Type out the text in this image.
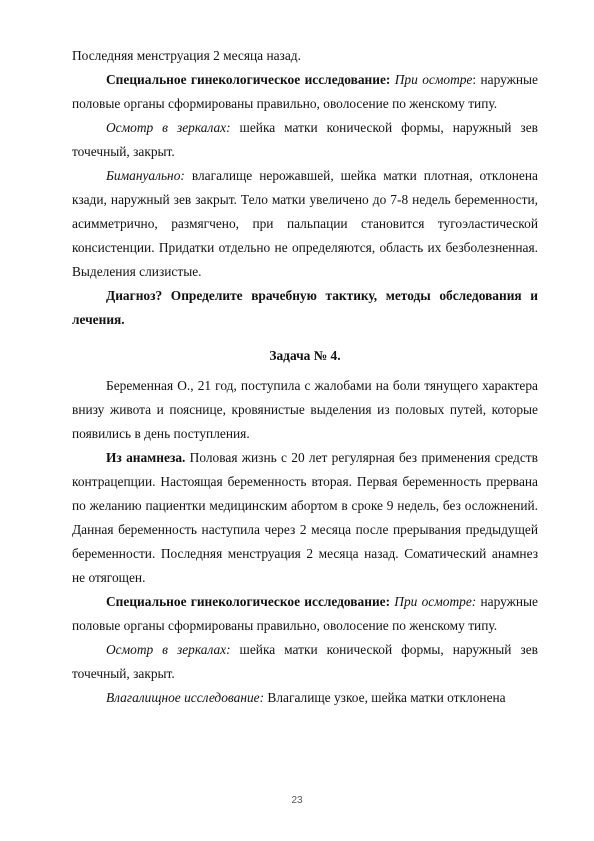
Последняя менструация 2 месяца назад.

Специальное гинекологическое исследование: При осмотре: наружные половые органы сформированы правильно, оволосение по женскому типу.

Осмотр в зеркалах: шейка матки конической формы, наружный зев точечный, закрыт.

Бимануально: влагалище нерожавшей, шейка матки плотная, отклонена кзади, наружный зев закрыт. Тело матки увеличено до 7-8 недель беременности, асимметрично, размягчено, при пальпации становится тугоэластической консистенции. Придатки отдельно не определяются, область их безболезненная. Выделения слизистые.

Диагноз? Определите врачебную тактику, методы обследования и лечения.

Задача № 4.

Беременная О., 21 год, поступила с жалобами на боли тянущего характера внизу живота и пояснице, кровянистые выделения из половых путей, которые появились в день поступления.

Из анамнеза. Половая жизнь с 20 лет регулярная без применения средств контрацепции. Настоящая беременность вторая. Первая беременность прервана по желанию пациентки медицинским абортом в сроке 9 недель, без осложнений. Данная беременность наступила через 2 месяца после прерывания предыдущей беременности. Последняя менструация 2 месяца назад. Соматический анамнез не отягощен.

Специальное гинекологическое исследование: При осмотре: наружные половые органы сформированы правильно, оволосение по женскому типу.

Осмотр в зеркалах: шейка матки конической формы, наружный зев точечный, закрыт.

Влагалищное исследование: Влагалище узкое, шейка матки отклонена

23
